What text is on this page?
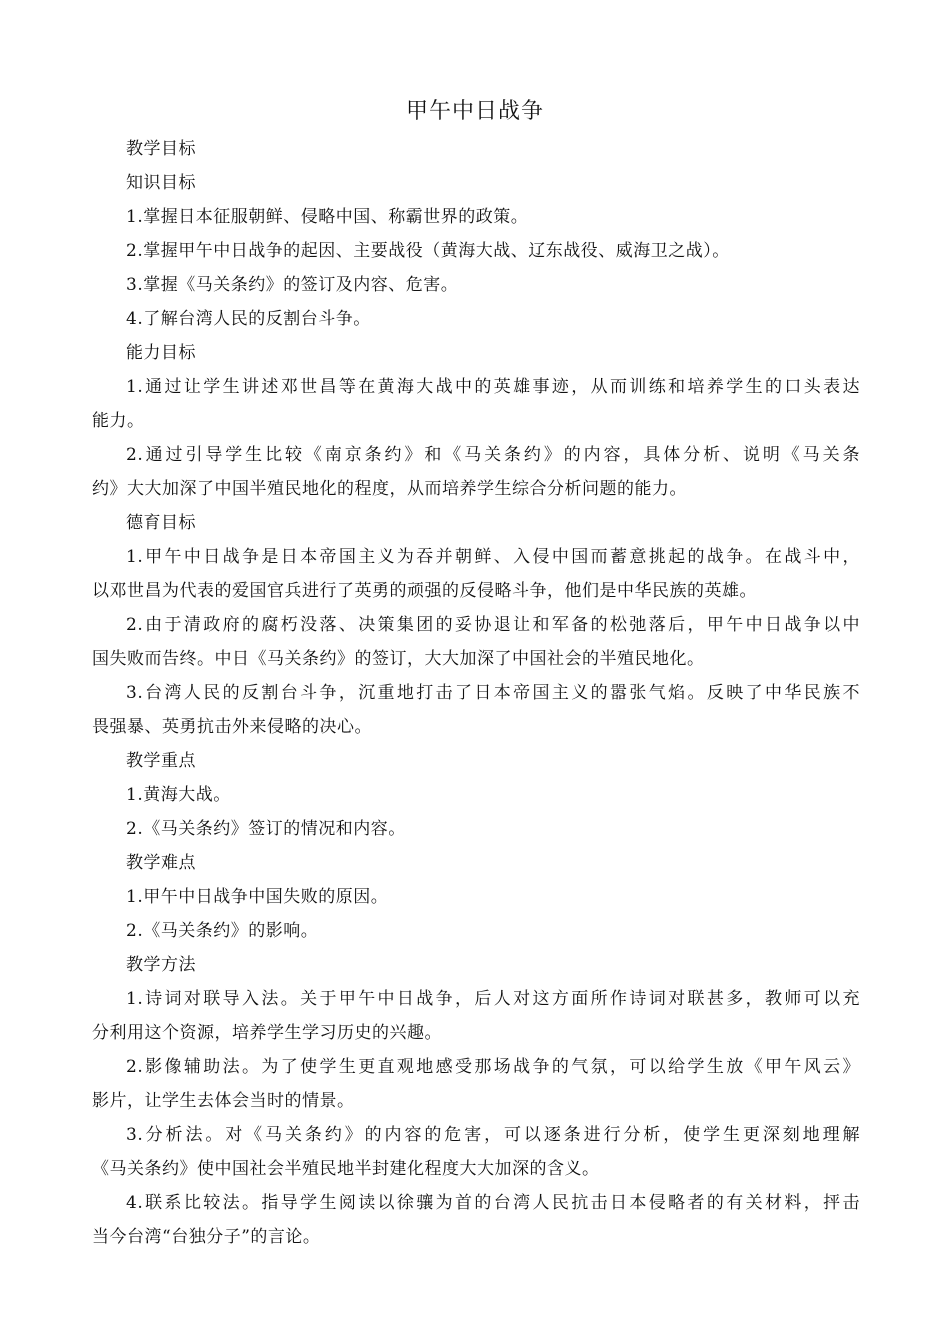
甲午中日战争
教学目标
知识目标
1.掌握日本征服朝鲜、侵略中国、称霸世界的政策。
2.掌握甲午中日战争的起因、主要战役（黄海大战、辽东战役、威海卫之战）。
3.掌握《马关条约》的签订及内容、危害。
4.了解台湾人民的反割台斗争。
能力目标
1.通过让学生讲述邓世昌等在黄海大战中的英雄事迹，从而训练和培养学生的口头表达
能力。
2.通过引导学生比较《南京条约》和《马关条约》的内容，具体分析、说明《马关条
约》大大加深了中国半殖民地化的程度，从而培养学生综合分析问题的能力。
德育目标
1.甲午中日战争是日本帝国主义为吞并朝鲜、入侵中国而蓄意挑起的战争。在战斗中，
以邓世昌为代表的爱国官兵进行了英勇的顽强的反侵略斗争，他们是中华民族的英雄。
2.由于清政府的腐朽没落、决策集团的妥协退让和军备的松弛落后，甲午中日战争以中
国失败而告终。中日《马关条约》的签订，大大加深了中国社会的半殖民地化。
3.台湾人民的反割台斗争，沉重地打击了日本帝国主义的嚣张气焰。反映了中华民族不
畏强暴、英勇抗击外来侵略的决心。
教学重点
1.黄海大战。
2.《马关条约》签订的情况和内容。
教学难点
1.甲午中日战争中国失败的原因。
2.《马关条约》的影响。
教学方法
1.诗词对联导入法。关于甲午中日战争，后人对这方面所作诗词对联甚多，教师可以充
分利用这个资源，培养学生学习历史的兴趣。
2.影像辅助法。为了使学生更直观地感受那场战争的气氛，可以给学生放《甲午风云》
影片，让学生去体会当时的情景。
3.分析法。对《马关条约》的内容的危害，可以逐条进行分析，使学生更深刻地理解
《马关条约》使中国社会半殖民地半封建化程度大大加深的含义。
4.联系比较法。指导学生阅读以徐骧为首的台湾人民抗击日本侵略者的有关材料，抨击
当今台湾“台独分子”的言论。
